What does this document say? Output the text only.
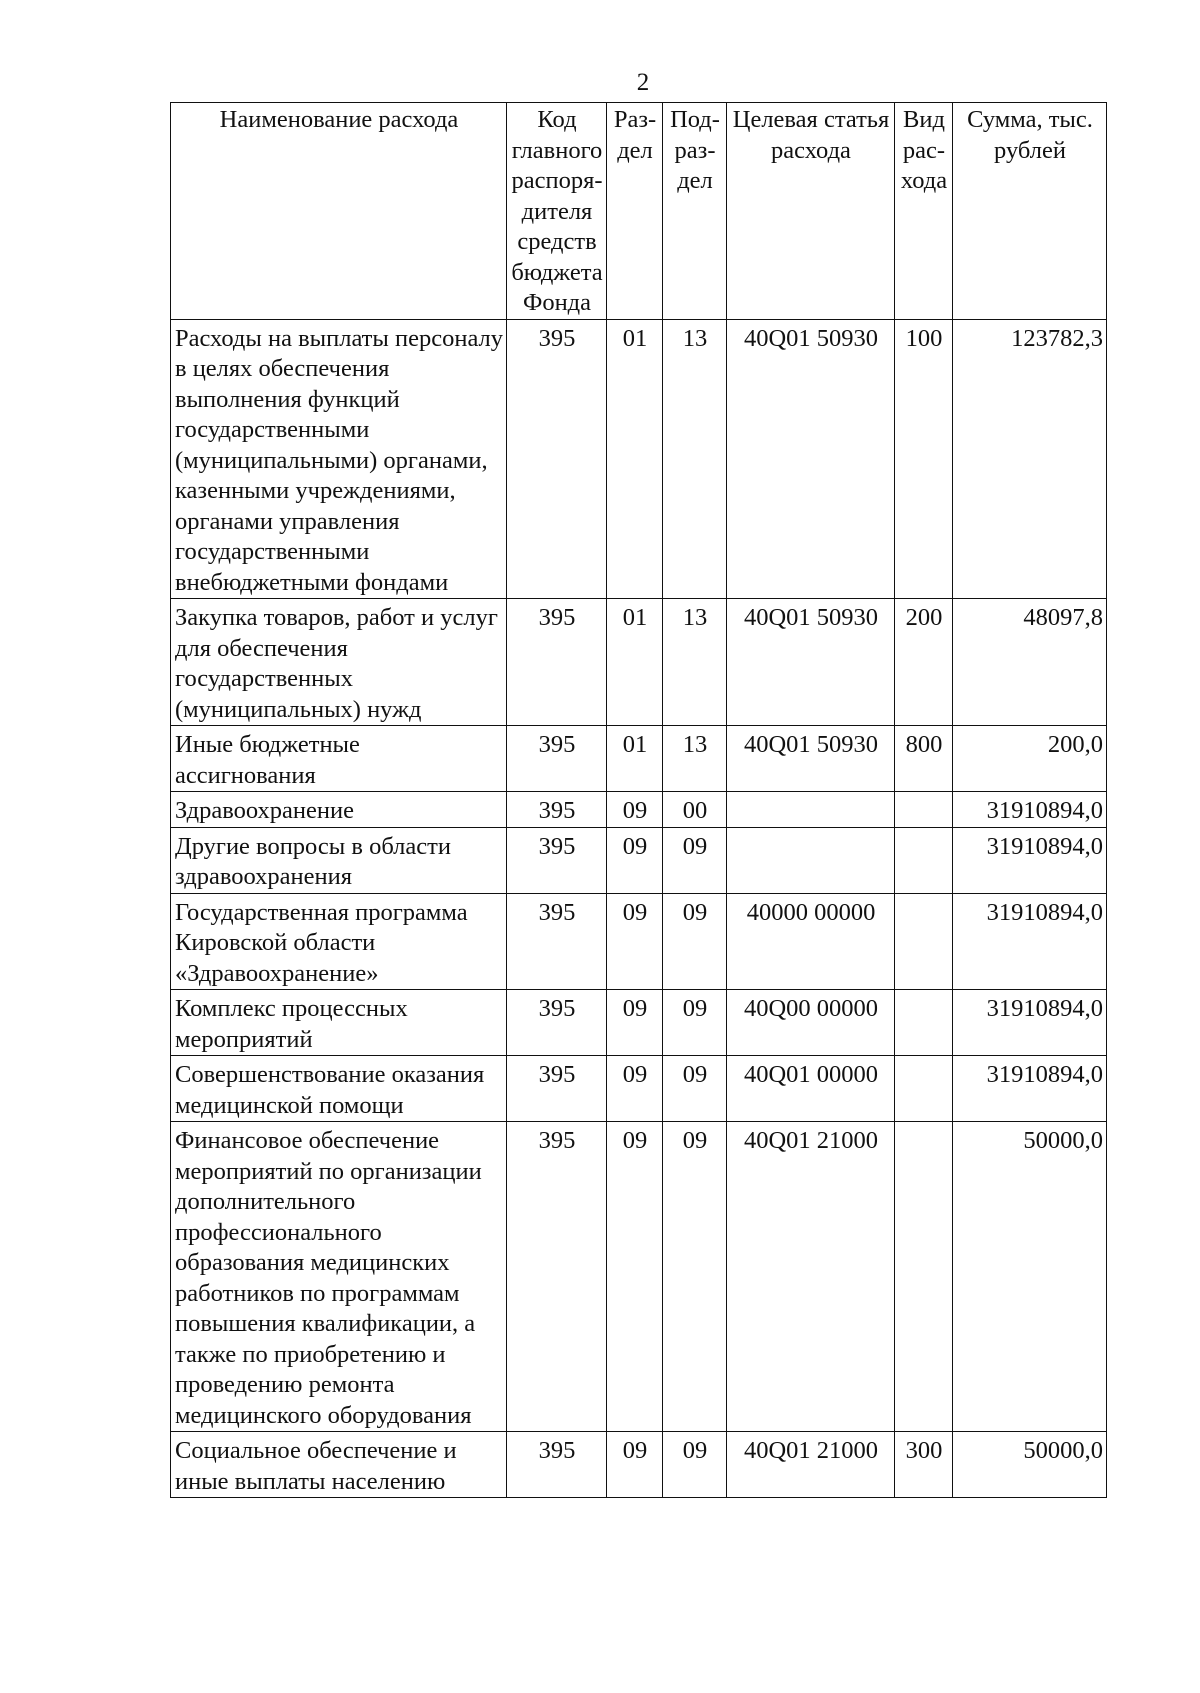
2
Наименование расхода	Код главного распоря-дителя средств бюджета Фонда	Раз-дел	Под-раз-дел	Целевая статья расхода	Вид рас-хода	Сумма, тыс. рублей
Расходы на выплаты персоналу в целях обеспечения выполнения функций государственными (муниципальными) органами, казенными учреждениями, органами управления государственными внебюджетными фондами	395	01	13	40Q01 50930	100	123782,3
Закупка товаров, работ и услуг для обеспечения государственных (муниципальных) нужд	395	01	13	40Q01 50930	200	48097,8
Иные бюджетные ассигнования	395	01	13	40Q01 50930	800	200,0
Здравоохранение	395	09	00			31910894,0
Другие вопросы в области здравоохранения	395	09	09			31910894,0
Государственная программа Кировской области «Здравоохранение»	395	09	09	40000 00000		31910894,0
Комплекс процессных мероприятий	395	09	09	40Q00 00000		31910894,0
Совершенствование оказания медицинской помощи	395	09	09	40Q01 00000		31910894,0
Финансовое обеспечение мероприятий по организации дополнительного профессионального образования медицинских работников по программам повышения квалификации, а также по приобретению и проведению ремонта медицинского оборудования	395	09	09	40Q01 21000		50000,0
Социальное обеспечение и иные выплаты населению	395	09	09	40Q01 21000	300	50000,0
